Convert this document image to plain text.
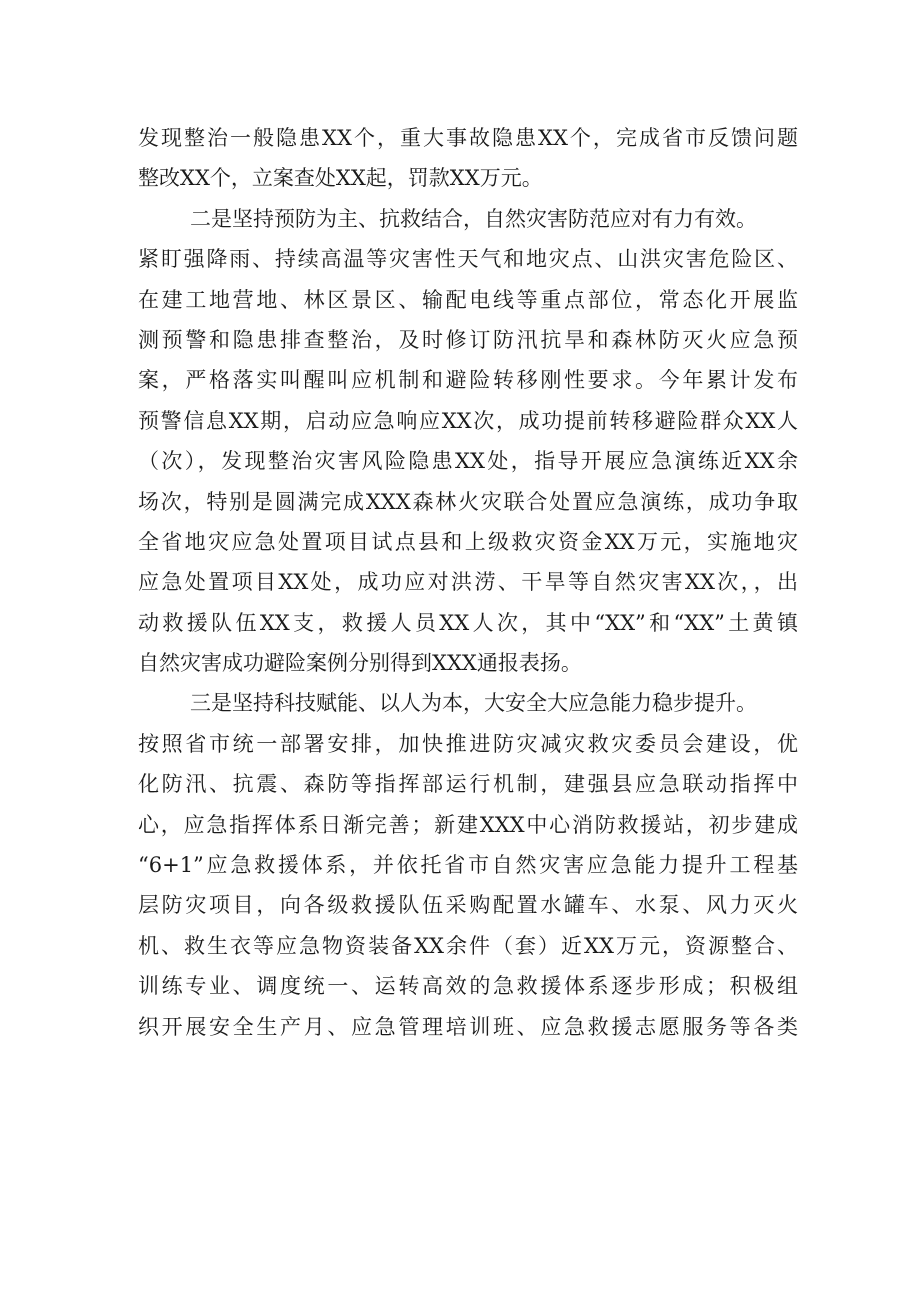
发现整治一般隐患XX个，重大事故隐患XX个，完成省市反馈问题
整改XX个，立案查处XX起，罚款XX万元。
二是坚持预防为主、抗救结合，自然灾害防范应对有力有效。
紧盯强降雨、持续高温等灾害性天气和地灾点、山洪灾害危险区、
在建工地营地、林区景区、输配电线等重点部位，常态化开展监
测预警和隐患排查整治，及时修订防汛抗旱和森林防灭火应急预
案，严格落实叫醒叫应机制和避险转移刚性要求。今年累计发布
预警信息XX期，启动应急响应XX次，成功提前转移避险群众XX人
（次），发现整治灾害风险隐患XX处，指导开展应急演练近XX余
场次，特别是圆满完成XXX森林火灾联合处置应急演练，成功争取
全省地灾应急处置项目试点县和上级救灾资金XX万元，实施地灾
应急处置项目XX处，成功应对洪涝、干旱等自然灾害XX次，，出
动救援队伍XX支，救援人员XX人次，其中“XX”和“XX”土黄镇
自然灾害成功避险案例分别得到XXX通报表扬。
三是坚持科技赋能、以人为本，大安全大应急能力稳步提升。
按照省市统一部署安排，加快推进防灾减灾救灾委员会建设，优
化防汛、抗震、森防等指挥部运行机制，建强县应急联动指挥中
心，应急指挥体系日渐完善；新建XXX中心消防救援站，初步建成
“6+1”应急救援体系，并依托省市自然灾害应急能力提升工程基
层防灾项目，向各级救援队伍采购配置水罐车、水泵、风力灭火
机、救生衣等应急物资装备XX余件（套）近XX万元，资源整合、
训练专业、调度统一、运转高效的急救援体系逐步形成；积极组
织开展安全生产月、应急管理培训班、应急救援志愿服务等各类
